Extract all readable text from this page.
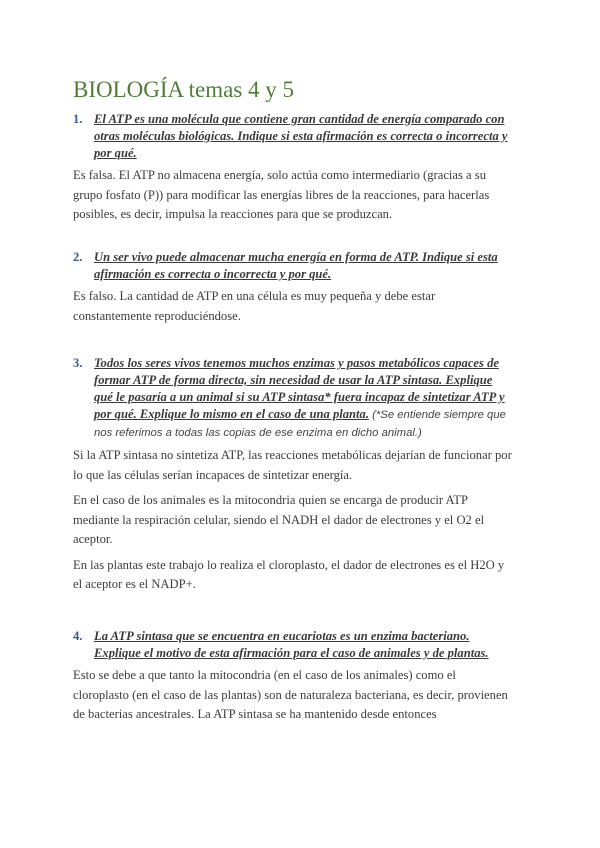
BIOLOGÍA temas 4 y 5
1. El ATP es una molécula que contiene gran cantidad de energía comparado con otras moléculas biológicas. Indique si esta afirmación es correcta o incorrecta y por qué.

Es falsa. El ATP no almacena energía, solo actúa como intermediario (gracias a su grupo fosfato (P)) para modificar las energías libres de la reacciones, para hacerlas posibles, es decir, impulsa la reacciones para que se produzcan.

2. Un ser vivo puede almacenar mucha energía en forma de ATP. Indique si esta afirmación es correcta o incorrecta y por qué.

Es falso. La cantidad de ATP en una célula es muy pequeña y debe estar constantemente reproduciéndose.

3. Todos los seres vivos tenemos muchos enzimas y pasos metabólicos capaces de formar ATP de forma directa, sin necesidad de usar la ATP sintasa. Explique qué le pasaría a un animal si su ATP sintasa* fuera incapaz de sintetizar ATP y por qué. Explique lo mismo en el caso de una planta. (*Se entiende siempre que nos referimos a todas las copias de ese enzima en dicho animal.)

Si la ATP sintasa no sintetiza ATP, las reacciones metabólicas dejarían de funcionar por lo que las células serían incapaces de sintetizar energía.

En el caso de los animales es la mitocondria quien se encarga de producir ATP mediante la respiración celular, siendo el NADH el dador de electrones y el O2 el aceptor.

En las plantas este trabajo lo realiza el cloroplasto, el dador de electrones es el H2O y el aceptor es el NADP+.

4. La ATP sintasa que se encuentra en eucariotas es un enzima bacteriano. Explique el motivo de esta afirmación para el caso de animales y de plantas.

Esto se debe a que tanto la mitocondria (en el caso de los animales) como el cloroplasto (en el caso de las plantas) son de naturaleza bacteriana, es decir, provienen de bacterias ancestrales. La ATP sintasa se ha mantenido desde entonces
